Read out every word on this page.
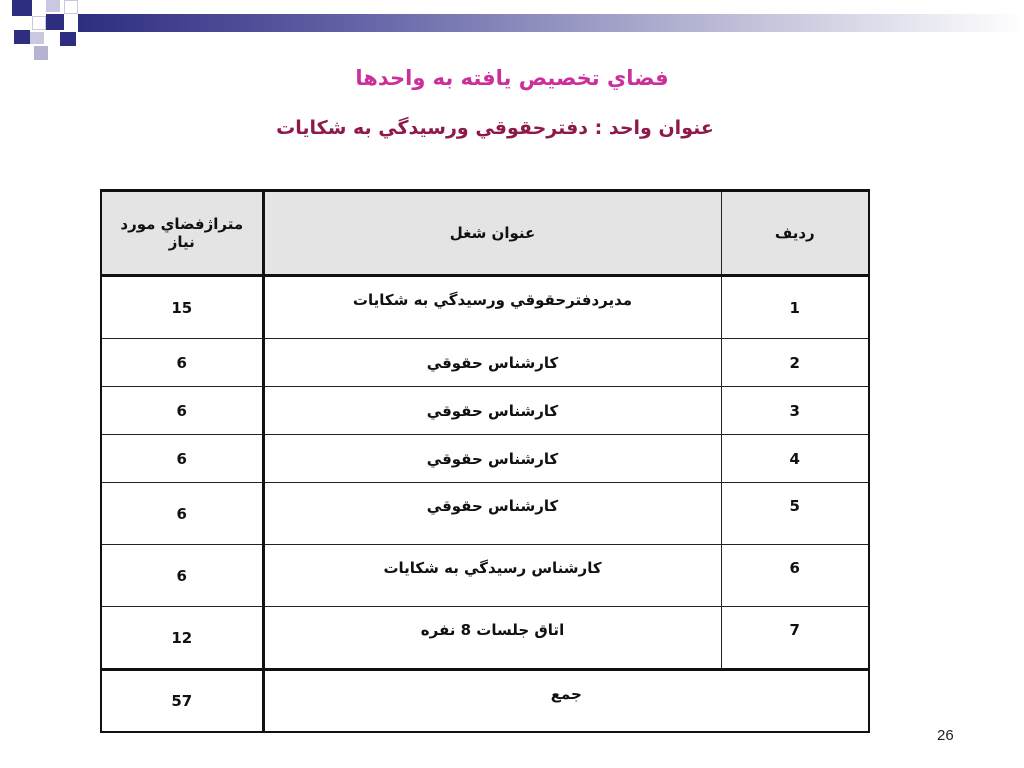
فضاي تخصيص يافته به واحدها
عنوان واحد : دفترحقوقي ورسيدگي به شكايات
رديف	عنوان شغل	متراژفضاي مورد نياز
1	مديردفترحقوقي ورسيدگي به شكايات	15
2	كارشناس حقوقي	6
3	كارشناس حقوقي	6
4	كارشناس حقوقي	6
5	كارشناس حقوقي	6
6	كارشناس رسيدگي به شكايات	6
7	اتاق جلسات 8 نفره	12
جمع		57
26
